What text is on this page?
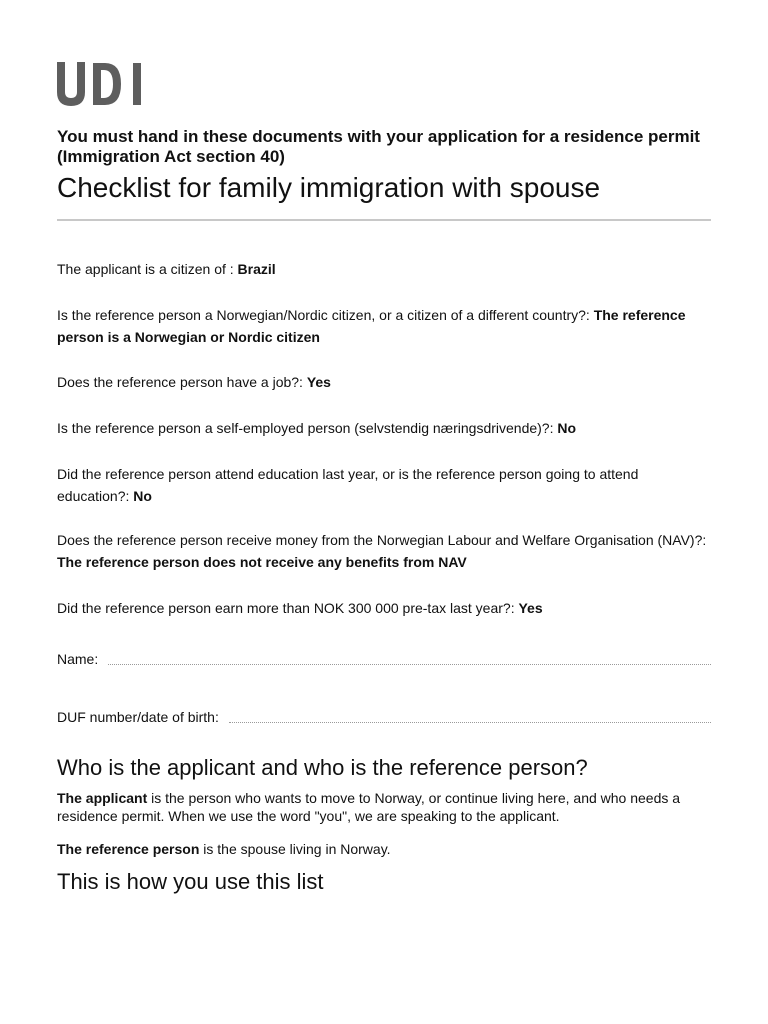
You must hand in these documents with your application for a residence permit (Immigration Act section 40)
Checklist for family immigration with spouse

The applicant is a citizen of : Brazil

Is the reference person a Norwegian/Nordic citizen, or a citizen of a different country?: The reference person is a Norwegian or Nordic citizen

Does the reference person have a job?: Yes

Is the reference person a self-employed person (selvstendig næringsdrivende)?: No

Did the reference person attend education last year, or is the reference person going to attend education?: No

Does the reference person receive money from the Norwegian Labour and Welfare Organisation (NAV)?: The reference person does not receive any benefits from NAV

Did the reference person earn more than NOK 300 000 pre-tax last year?: Yes

Name:
DUF number/date of birth:
Who is the applicant and who is the reference person?

The applicant is the person who wants to move to Norway, or continue living here, and who needs a residence permit. When we use the word "you", we are speaking to the applicant.

The reference person is the spouse living in Norway.

This is how you use this list
